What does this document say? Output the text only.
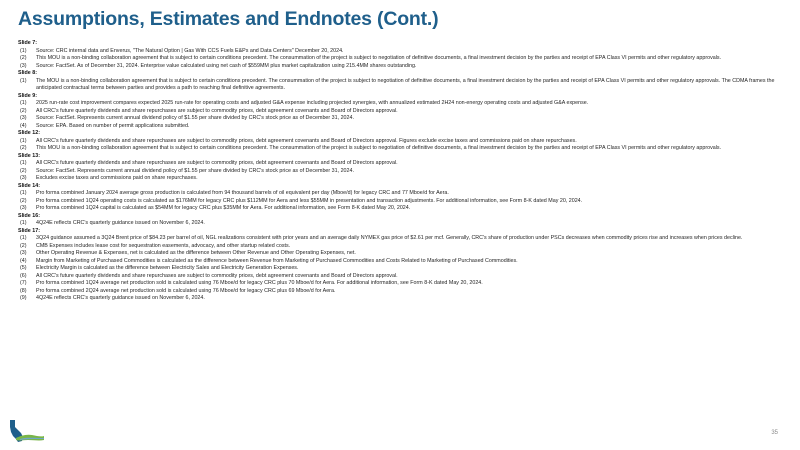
Assumptions, Estimates and Endnotes (Cont.)
Slide 7:
(1)	Source: CRC internal data and Enverus, "The Natural Option | Gas With CCS Fuels E&Ps and Data Centers" December 20, 2024.
(2)	This MOU is a non-binding collaboration agreement that is subject to certain conditions precedent. The consummation of the project is subject to negotiation of definitive documents, a final investment decision by the parties and receipt of EPA Class VI permits and other regulatory approvals.
(3)	Source: FactSet. As of December 31, 2024. Enterprise value calculated using net cash of $559MM plus market capitalization using 215.4MM shares outstanding.
Slide 8:
(1)	The MOU is a non-binding collaboration agreement that is subject to certain conditions precedent. The consummation of the project is subject to negotiation of definitive documents, a final investment decision by the parties and receipt of EPA Class VI permits and other regulatory approvals. The CDMA frames the anticipated contractual terms between parties and provides a path to reaching final definitive agreements.
Slide 9:
(1)	2025 run-rate cost improvement compares expected 2025 run-rate for operating costs and adjusted G&A expense including projected synergies, with annualized estimated 2H24 non-energy operating costs and adjusted G&A expense.
(2)	All CRC's future quarterly dividends and share repurchases are subject to commodity prices, debt agreement covenants and Board of Directors approval.
(3)	Source: FactSet. Represents current annual dividend policy of $1.55 per share divided by CRC's stock price as of December 31, 2024.
(4)	Source: EPA. Based on number of permit applications submitted.
Slide 12:
(1)	All CRC's future quarterly dividends and share repurchases are subject to commodity prices, debt agreement covenants and Board of Directors approval. Figures exclude excise taxes and commissions paid on share repurchases.
(2)	This MOU is a non-binding collaboration agreement that is subject to certain conditions precedent. The consummation of the project is subject to negotiation of definitive documents, a final investment decision by the parties and receipt of EPA Class VI permits and other regulatory approvals.
Slide 13:
(1)	All CRC's future quarterly dividends and share repurchases are subject to commodity prices, debt agreement covenants and Board of Directors approval.
(2)	Source: FactSet. Represents current annual dividend policy of $1.55 per share divided by CRC's stock price as of December 31, 2024.
(3)	Excludes excise taxes and commissions paid on share repurchases.
Slide 14:
(1)	Pro forma combined January 2024 average gross production is calculated from 94 thousand barrels of oil equivalent per day (Mboe/d) for legacy CRC and 77 Mboe/d for Aera.
(2)	Pro forma combined 1Q24 operating costs is calculated as $176MM for legacy CRC plus $112MM for Aera and less $55MM in presentation and transaction adjustments. For additional information, see Form 8-K dated May 20, 2024.
(3)	Pro forma combined 1Q24 capital is calculated as $54MM for legacy CRC plus $35MM for Aera. For additional information, see Form 8-K dated May 20, 2024.
Slide 16:
(1)	4Q24E reflects CRC's quarterly guidance issued on November 6, 2024.
Slide 17:
(1)	3Q24 guidance assumed a 3Q24 Brent price of $84.23 per barrel of oil, NGL realizations consistent with prior years and an average daily NYMEX gas price of $2.61 per mcf. Generally, CRC's share of production under PSCs decreases when commodity prices rise and increases when prices decline.
(2)	CMB Expenses includes lease cost for sequestration easements, advocacy, and other startup related costs.
(3)	Other Operating Revenue & Expenses, net is calculated as the difference between Other Revenue and Other Operating Expenses, net.
(4)	Margin from Marketing of Purchased Commodities is calculated as the difference between Revenue from Marketing of Purchased Commodities and Costs Related to Marketing of Purchased Commodities.
(5)	Electricity Margin is calculated as the difference between Electricity Sales and Electricity Generation Expenses.
(6)	All CRC's future quarterly dividends and share repurchases are subject to commodity prices, debt agreement covenants and Board of Directors approval.
(7)	Pro forma combined 1Q24 average net production sold is calculated using 76 Mboe/d for legacy CRC plus 70 Mboe/d for Aera. For additional information, see Form 8-K dated May 20, 2024.
(8)	Pro forma combined 2Q24 average net production sold is calculated using 76 Mboe/d for legacy CRC plus 69 Mboe/d for Aera.
(9)	4Q24E reflects CRC's quarterly guidance issued on November 6, 2024.
35
